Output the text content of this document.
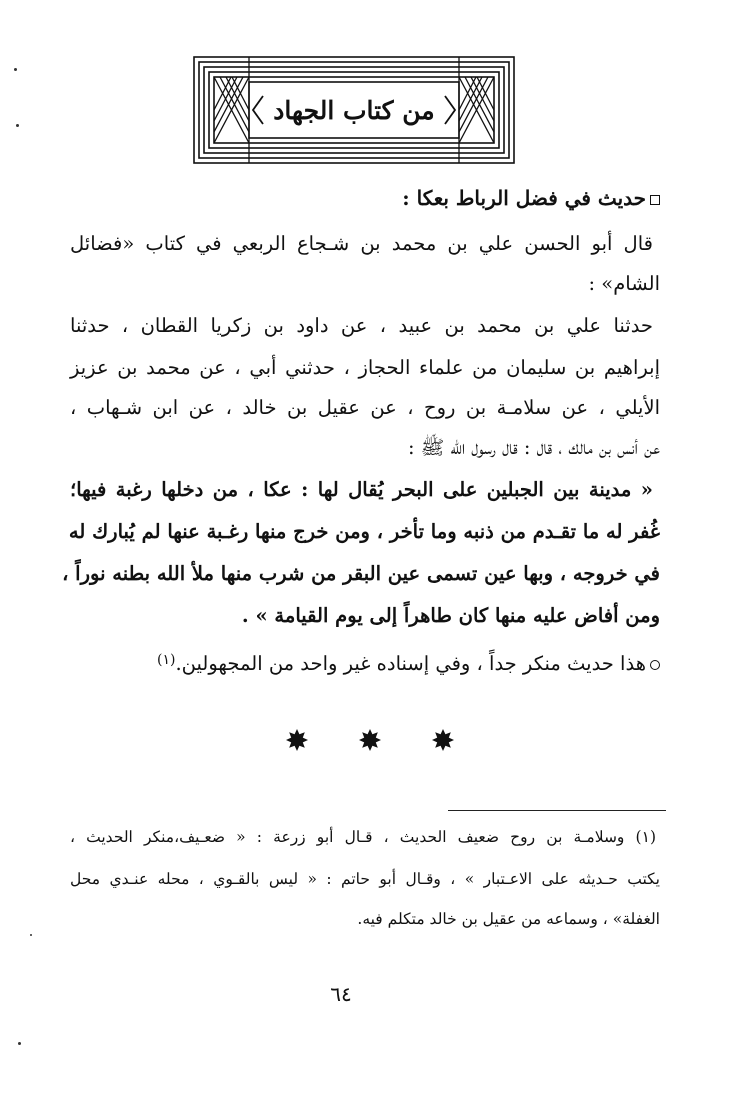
من كتاب الجهاد
حديث في فضل الرباط بعكا :
قال أبو الحسن علي بن محمد بن شـجاع الربعي في كتاب «فضائل
الشام» :
حدثنا علي بن محمد بن عبيد ، عن داود بن زكريا القطان ، حدثنا
إبراهيم بن سليمان من علماء الحجاز ، حدثني أبي ، عن محمد بن عزيز
الأيلي ، عن سلامـة بن روح ، عن عقيل بن خالد ، عن ابن شـهاب ،
عن أنس بن مالك ، قال : قال رسول الله ﷺ :
« مدينة بين الجبلين على البحر يُقال لها : عكا ، من دخلها رغبة فيها؛
غُفر له ما تقـدم من ذنبه وما تأخر ، ومن خرج منها رغـبة عنها لم يُبارك له
في خروجه ، وبها عين تسمى عين البقر من شرب منها ملأ الله بطنه نوراً ،
ومن أفاض عليه منها كان طاهراً إلى يوم القيامة » .
هذا حديث منكر جداً ، وفي إسناده غير واحد من المجهولين.$^{(١)}$
(١) وسلامـة بن روح ضعيف الحديث ، قـال أبو زرعة : « ضعـيف،منكر الحديث ،
يكتب حـديثه على الاعـتبار » ، وقـال أبو حاتم : « ليس بالقـوي ، محله عنـدي محل
الغفلة» ، وسماعه من عقيل بن خالد متكلم فيه.
٦٤
